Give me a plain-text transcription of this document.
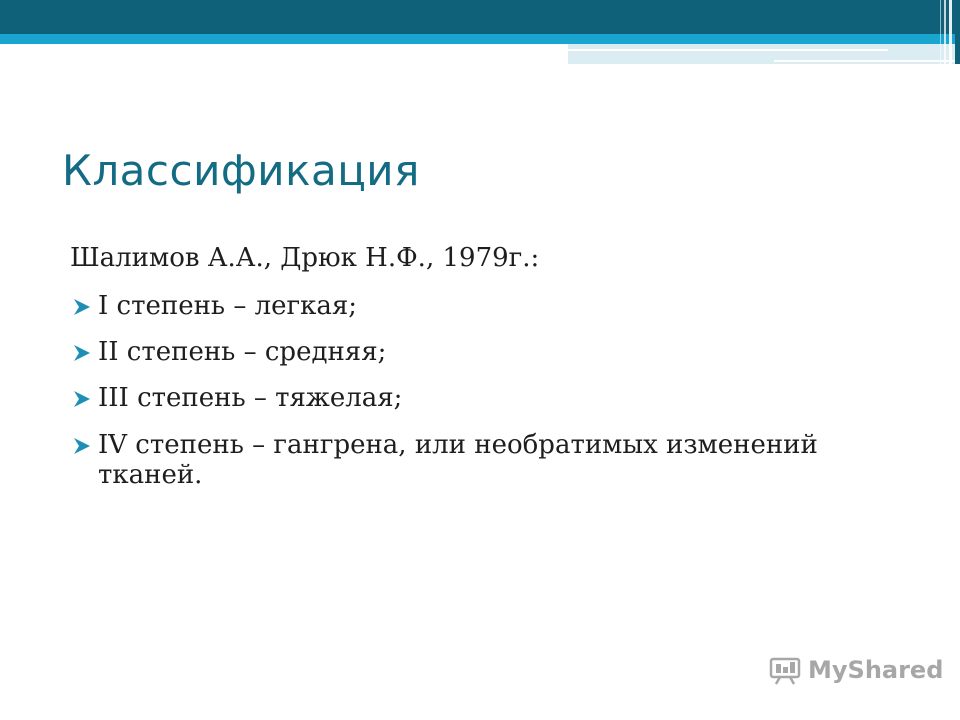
Классификация

Шалимов А.А., Дрюк Н.Ф., 1979г.:

I степень – легкая;
II степень – средняя;
III степень – тяжелая;
IV степень – гангрена, или необратимых изменений тканей.
MyShared
